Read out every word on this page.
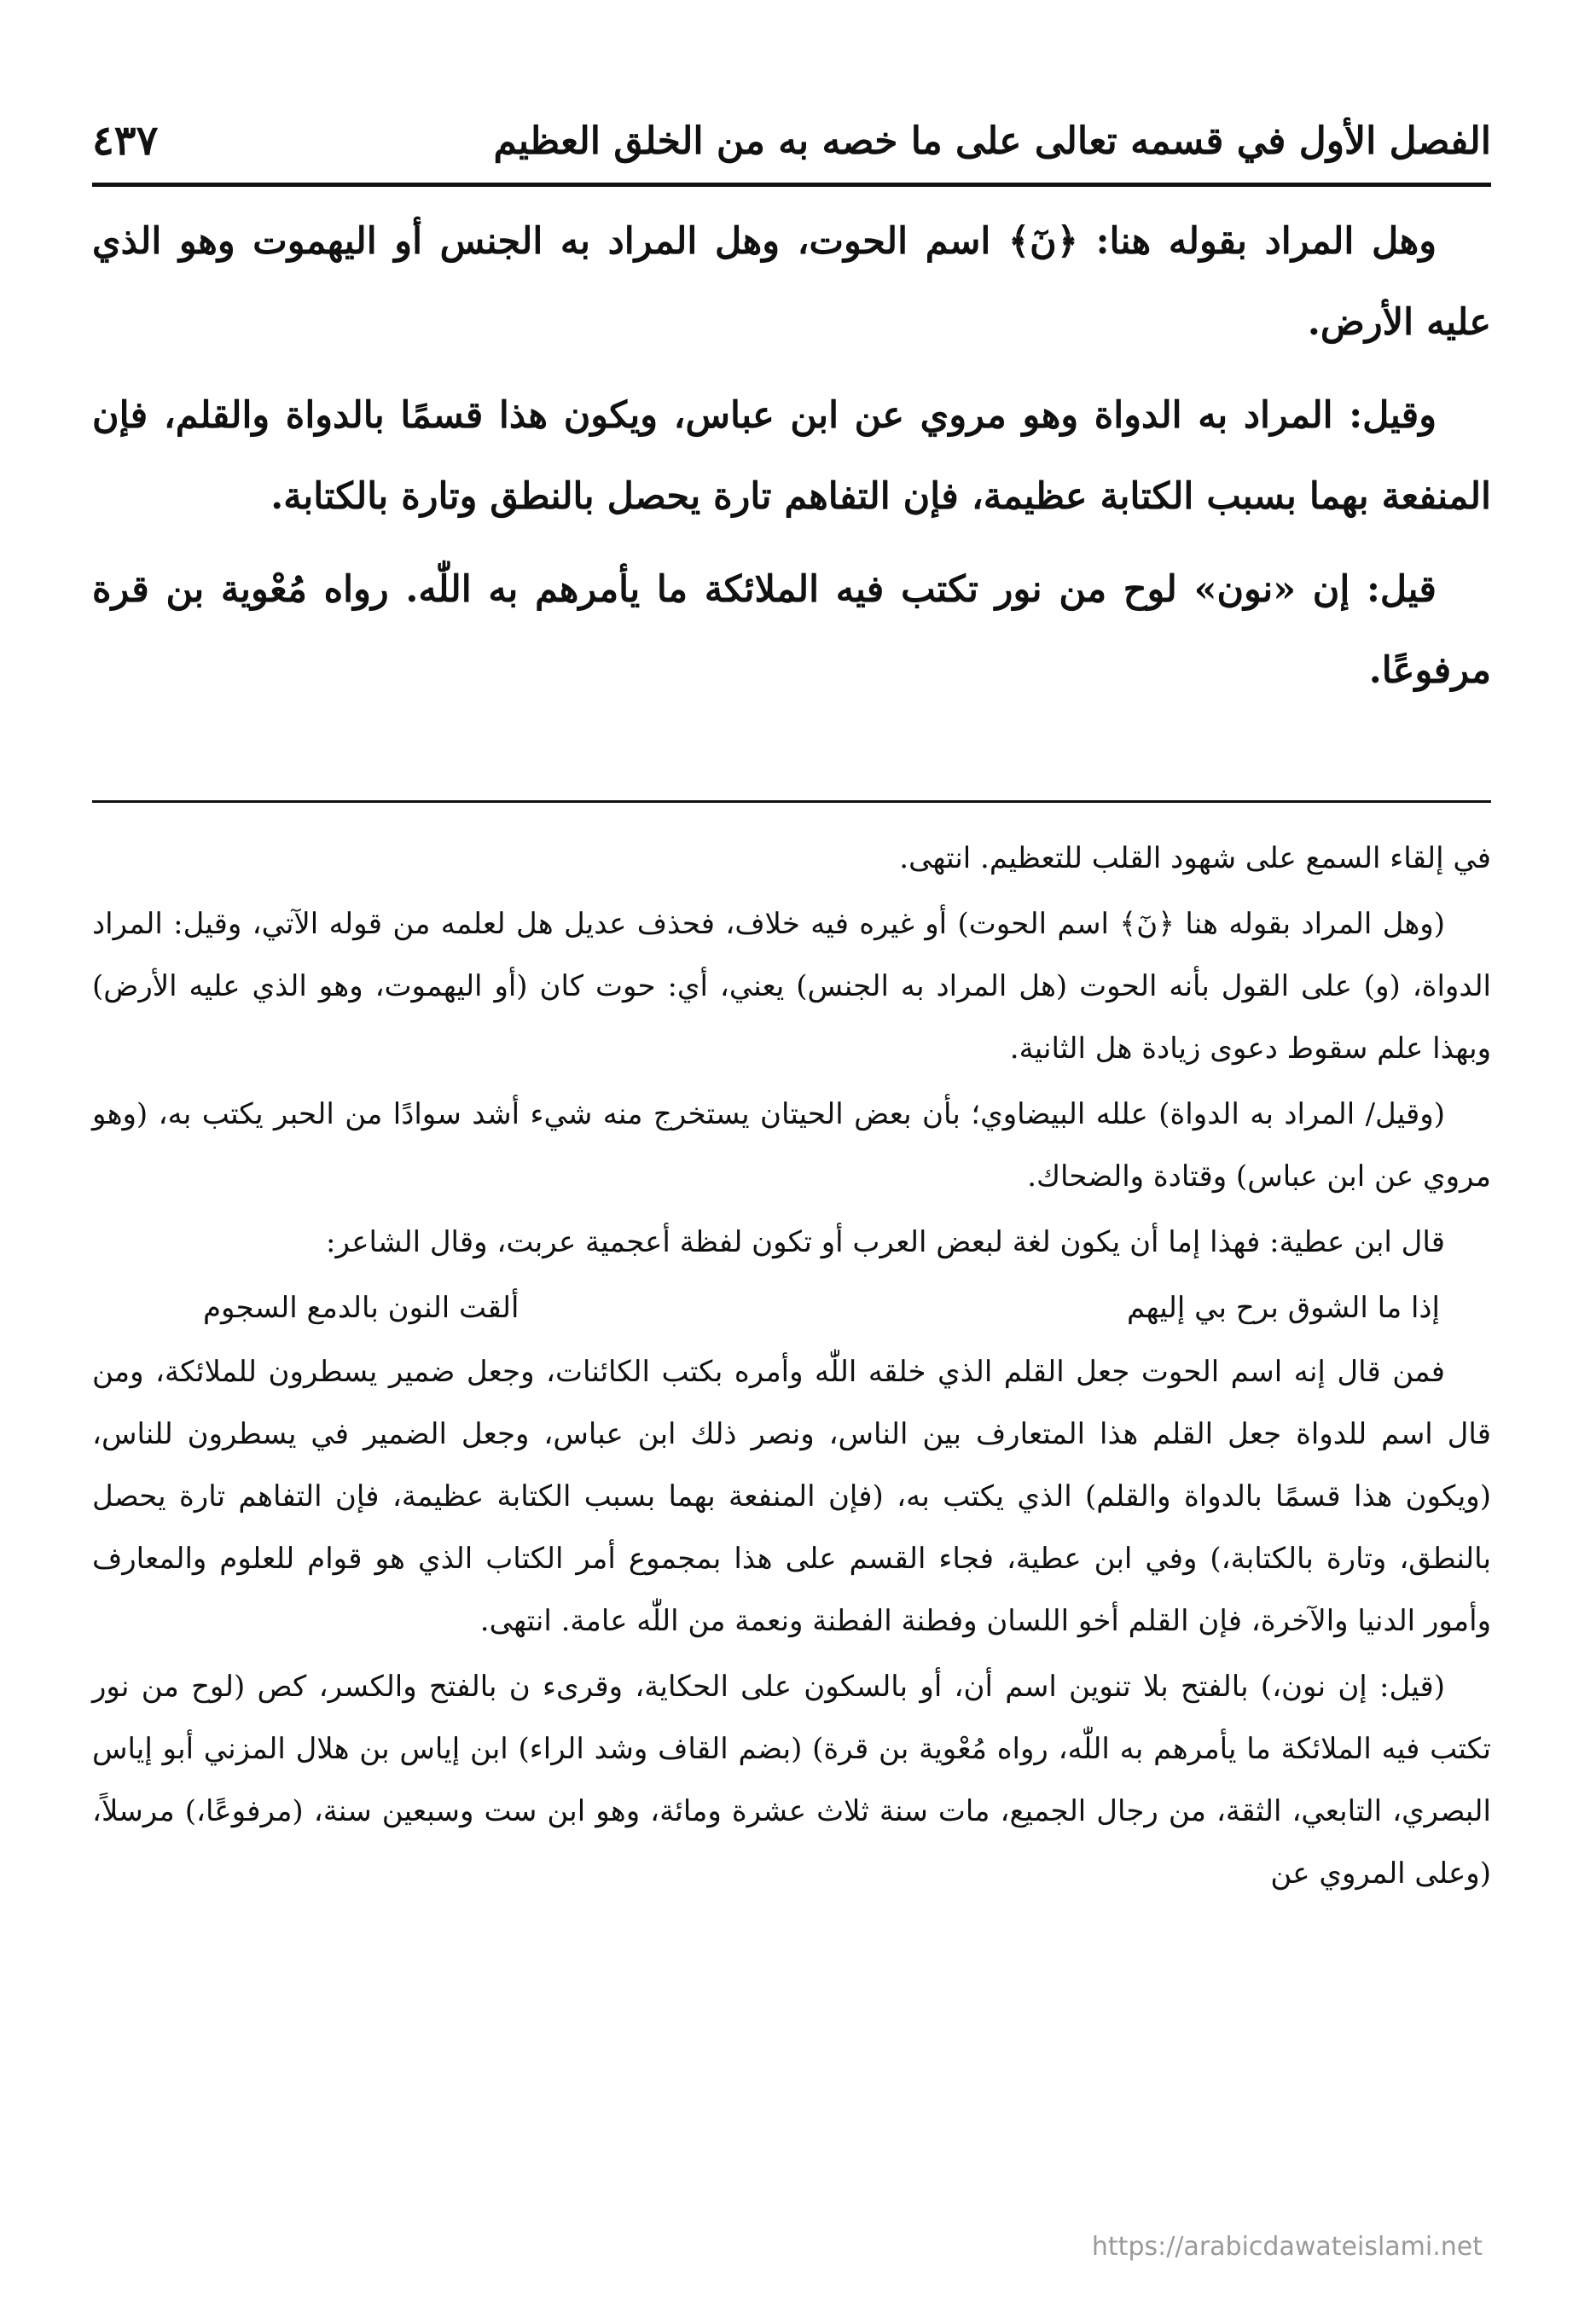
الفصل الأول في قسمه تعالى على ما خصه به من الخلق العظيم
٤٣٧

وهل المراد بقوله هنا: ﴿نٓ﴾ اسم الحوت، وهل المراد به الجنس أو اليهموت وهو الذي عليه الأرض.

وقيل: المراد به الدواة وهو مروي عن ابن عباس، ويكون هذا قسمًا بالدواة والقلم، فإن المنفعة بهما بسبب الكتابة عظيمة، فإن التفاهم تارة يحصل بالنطق وتارة بالكتابة.

قيل: إن «نون» لوح من نور تكتب فيه الملائكة ما يأمرهم به اللّٰه. رواه مُعْوية بن قرة مرفوعًا.

في إلقاء السمع على شهود القلب للتعظيم. انتهى.

(وهل المراد بقوله هنا ﴿نٓ﴾ اسم الحوت) أو غيره فيه خلاف، فحذف عديل هل لعلمه من قوله الآتي، وقيل: المراد الدواة، (و) على القول بأنه الحوت (هل المراد به الجنس) يعني، أي: حوت كان (أو اليهموت، وهو الذي عليه الأرض) وبهذا علم سقوط دعوى زيادة هل الثانية.

(وقيل/ المراد به الدواة) علله البيضاوي؛ بأن بعض الحيتان يستخرج منه شيء أشد سوادًا من الحبر يكتب به، (وهو مروي عن ابن عباس) وقتادة والضحاك.

قال ابن عطية: فهذا إما أن يكون لغة لبعض العرب أو تكون لفظة أعجمية عربت، وقال الشاعر:

إذا ما الشوق برح بي إليهم
ألقت النون بالدمع السجوم

فمن قال إنه اسم الحوت جعل القلم الذي خلقه اللّٰه وأمره بكتب الكائنات، وجعل ضمير يسطرون للملائكة، ومن قال اسم للدواة جعل القلم هذا المتعارف بين الناس، ونصر ذلك ابن عباس، وجعل الضمير في يسطرون للناس، (ويكون هذا قسمًا بالدواة والقلم) الذي يكتب به، (فإن المنفعة بهما بسبب الكتابة عظيمة، فإن التفاهم تارة يحصل بالنطق، وتارة بالكتابة،) وفي ابن عطية، فجاء القسم على هذا بمجموع أمر الكتاب الذي هو قوام للعلوم والمعارف وأمور الدنيا والآخرة، فإن القلم أخو اللسان وفطنة الفطنة ونعمة من اللّٰه عامة. انتهى.

(قيل: إن نون،) بالفتح بلا تنوين اسم أن، أو بالسكون على الحكاية، وقرىء ن بالفتح والكسر، كص (لوح من نور تكتب فيه الملائكة ما يأمرهم به اللّٰه، رواه مُعْوية بن قرة) (بضم القاف وشد الراء) ابن إياس بن هلال المزني أبو إياس البصري، التابعي، الثقة، من رجال الجميع، مات سنة ثلاث عشرة ومائة، وهو ابن ست وسبعين سنة، (مرفوعًا،) مرسلاً، (وعلى المروي عن

https://arabicdawateislami.net
